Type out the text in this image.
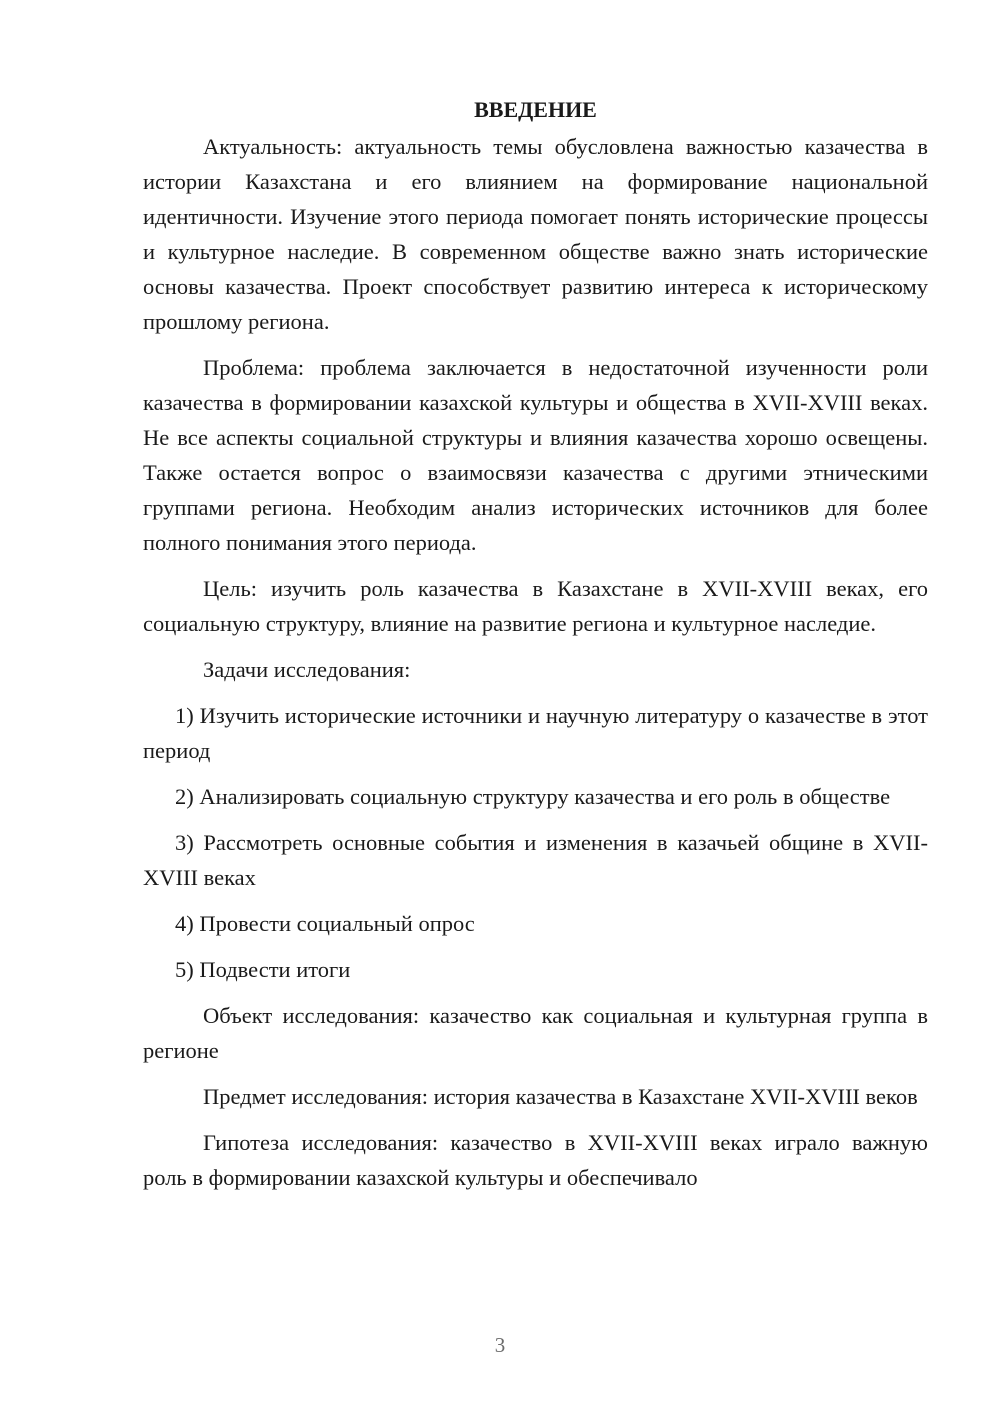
ВВЕДЕНИЕ

Актуальность: актуальность темы обусловлена важностью казачества в истории Казахстана и его влиянием на формирование национальной идентичности. Изучение этого периода помогает понять исторические процессы и культурное наследие. В современном обществе важно знать исторические основы казачества. Проект способствует развитию интереса к историческому прошлому региона.

Проблема: проблема заключается в недостаточной изученности роли казачества в формировании казахской культуры и общества в XVII-XVIII веках. Не все аспекты социальной структуры и влияния казачества хорошо освещены. Также остается вопрос о взаимосвязи казачества с другими этническими группами региона. Необходим анализ исторических источников для более полного понимания этого периода.

Цель: изучить роль казачества в Казахстане в XVII-XVIII веках, его социальную структуру, влияние на развитие региона и культурное наследие.

Задачи исследования:

1) Изучить исторические источники и научную литературу о казачестве в этот период

2) Анализировать социальную структуру казачества и его роль в обществе

3) Рассмотреть основные события и изменения в казачьей общине в XVII-XVIII веках

4) Провести социальный опрос

5) Подвести итоги

Объект исследования: казачество как социальная и культурная группа в регионе

Предмет исследования: история казачества в Казахстане XVII-XVIII веков

Гипотеза исследования: казачество в XVII-XVIII веках играло важную роль в формировании казахской культуры и обеспечивало

3
